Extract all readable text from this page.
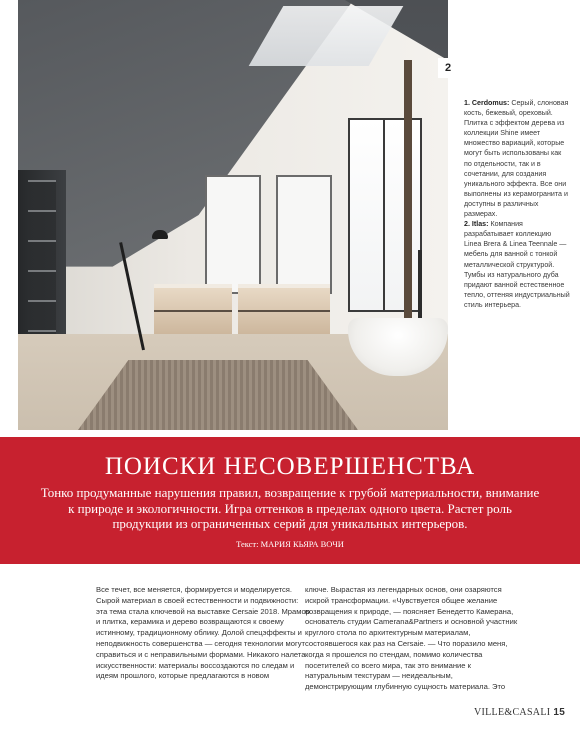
2

1. Cerdomus: Серый, слоновая кость, бежевый, ореховый. Плитка с эффектом дерева из коллекции Shine имеет множество вариаций, которые могут быть использованы как по отдельности, так и в сочетании, для создания уникального эффекта. Все они выполнены из керамогранита и доступны в различных размерах.

2. Itlas: Компания разрабатывает коллекцию Linea Brera & Linea Teennale — мебель для ванной с тонкой металлической структурой. Тумбы из натурального дуба придают ванной естественное тепло, оттеняя индустриальный стиль интерьера.

ПОИСКИ НЕСОВЕРШЕНСТВА
Тонко продуманные нарушения правил, возвращение к грубой материальности, внимание к природе и экологичности. Игра оттенков в пределах одного цвета. Растет роль продукции из ограниченных серий для уникальных интерьеров.
Текст: МАРИЯ КЬЯРА ВОЧИ

Все течет, все меняется, формируется и моделируется. Сырой материал в своей естественности и подвижности: эта тема стала ключевой на выставке Cersaie 2018. Мрамор и плитка, керамика и дерево возвращаются к своему истинному, традиционному облику. Долой спецэффекты и неподвижность совершенства — сегодня технологии могут справиться и с неправильными формами. Никакого налета искусственности: материалы воссоздаются по следам и идеям прошлого, которые предлагаются в новом

ключе. Вырастая из легендарных основ, они озаряются искрой трансформации. «Чувствуется общее желание возвращения к природе, — поясняет Бенедетто Камерана, основатель студии Camerana&Partners и основной участник круглого стола по архитектурным материалам, состоявшегося как раз на Cersaie. — Что поразило меня, когда я прошелся по стендам, помимо количества посетителей со всего мира, так это внимание к натуральным текстурам — неидеальным, демонстрирующим глубинную сущность материала. Это

VILLE&CASALI 15
